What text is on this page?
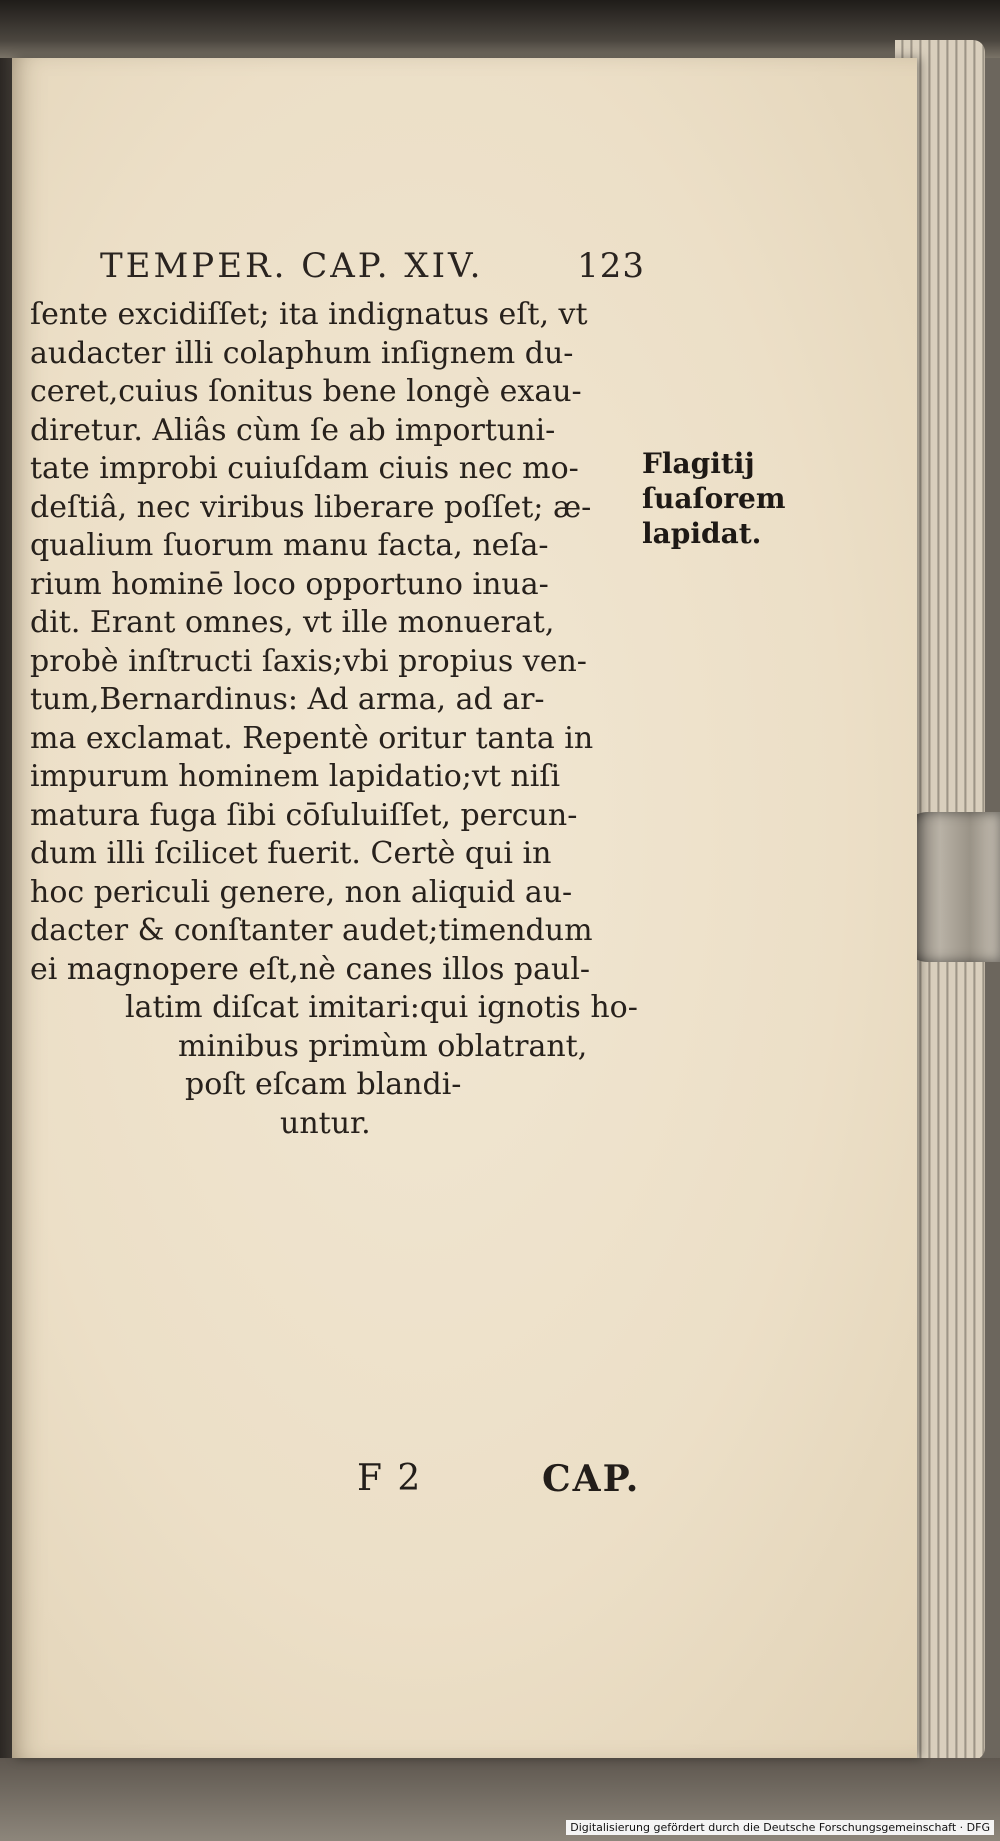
TEMPER. CAP. XIV.	123
ſente excidiſſet; ita indignatus eſt, vt
audacter illi colaphum inſignem du-
ceret,cuius ſonitus bene longè exau-
diretur. Aliâs cùm ſe ab importuni-
tate improbi cuiuſdam ciuis nec mo-
deſtiâ, nec viribus liberare poſſet; æ-
qualium ſuorum manu facta, neſa-
rium hominē loco opportuno inua-
dit. Erant omnes, vt ille monuerat,
probè inſtructi ſaxis;vbi propius ven-
tum,Bernardinus: Ad arma, ad ar-
ma exclamat. Repentè oritur tanta in
impurum hominem lapidatio;vt niſi
matura fuga ſibi cōſuluiſſet, percun-
dum illi ſcilicet fuerit. Certè qui in
hoc periculi genere, non aliquid au-
dacter & conſtanter audet;timendum
ei magnopere eſt,nè canes illos paul-
latim diſcat imitari:qui ignotis ho-
minibus primùm oblatrant,
poſt eſcam blandi-
untur.
Flagitij
ſuaſorem
lapidat.
F 2	CAP.
Digitalisierung gefördert durch die Deutsche Forschungsgemeinschaft · DFG
